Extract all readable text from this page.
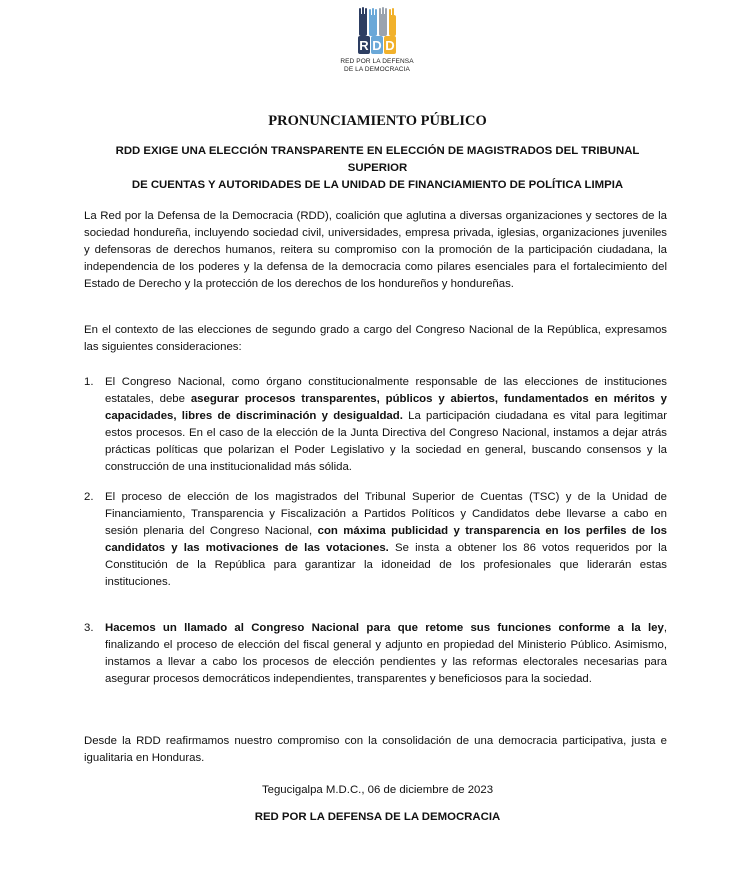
R D D
RED POR LA DEFENSA
DE LA DEMOCRACIA
PRONUNCIAMIENTO PÚBLICO
RDD EXIGE UNA ELECCIÓN TRANSPARENTE EN ELECCIÓN DE MAGISTRADOS DEL TRIBUNAL SUPERIOR
DE CUENTAS Y AUTORIDADES DE LA UNIDAD DE FINANCIAMIENTO DE POLÍTICA LIMPIA
La Red por la Defensa de la Democracia (RDD), coalición que aglutina a diversas organizaciones y sectores de la sociedad hondureña, incluyendo sociedad civil, universidades, empresa privada, iglesias, organizaciones juveniles y defensoras de derechos humanos, reitera su compromiso con la promoción de la participación ciudadana, la independencia de los poderes y la defensa de la democracia como pilares esenciales para el fortalecimiento del Estado de Derecho y la protección de los derechos de los hondureños y hondureñas.
En el contexto de las elecciones de segundo grado a cargo del Congreso Nacional de la República, expresamos las siguientes consideraciones:
1. El Congreso Nacional, como órgano constitucionalmente responsable de las elecciones de instituciones estatales, debe asegurar procesos transparentes, públicos y abiertos, fundamentados en méritos y capacidades, libres de discriminación y desigualdad. La participación ciudadana es vital para legitimar estos procesos. En el caso de la elección de la Junta Directiva del Congreso Nacional, instamos a dejar atrás prácticas políticas que polarizan el Poder Legislativo y la sociedad en general, buscando consensos y la construcción de una institucionalidad más sólida.
2. El proceso de elección de los magistrados del Tribunal Superior de Cuentas (TSC) y de la Unidad de Financiamiento, Transparencia y Fiscalización a Partidos Políticos y Candidatos debe llevarse a cabo en sesión plenaria del Congreso Nacional, con máxima publicidad y transparencia en los perfiles de los candidatos y las motivaciones de las votaciones. Se insta a obtener los 86 votos requeridos por la Constitución de la República para garantizar la idoneidad de los profesionales que liderarán estas instituciones.
3. Hacemos un llamado al Congreso Nacional para que retome sus funciones conforme a la ley, finalizando el proceso de elección del fiscal general y adjunto en propiedad del Ministerio Público. Asimismo, instamos a llevar a cabo los procesos de elección pendientes y las reformas electorales necesarias para asegurar procesos democráticos independientes, transparentes y beneficiosos para la sociedad.
Desde la RDD reafirmamos nuestro compromiso con la consolidación de una democracia participativa, justa e igualitaria en Honduras.
Tegucigalpa M.D.C., 06 de diciembre de 2023
RED POR LA DEFENSA DE LA DEMOCRACIA
